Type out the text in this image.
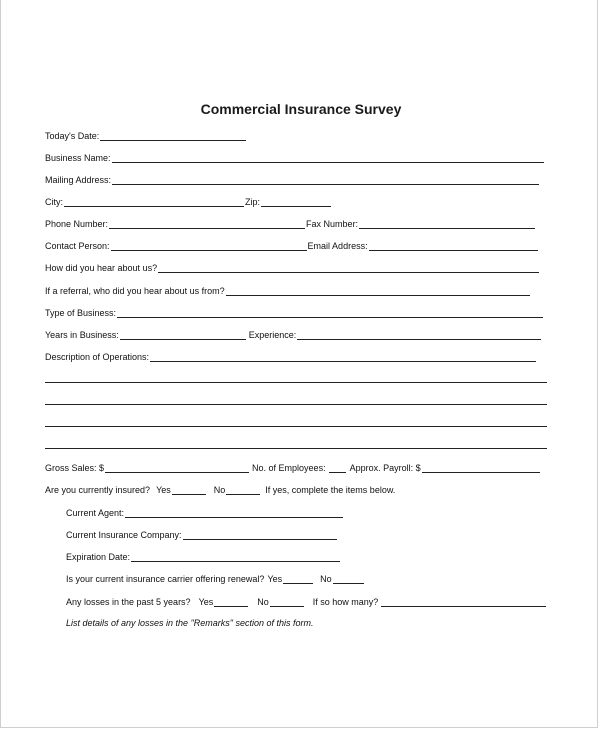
Commercial Insurance Survey
Today's Date:
Business Name:
Mailing Address:
City:	Zip:
Phone Number:	Fax Number:
Contact Person:	Email Address:
How did you hear about us?
If a referral, who did you hear about us from?
Type of Business:
Years in Business:	Experience:
Description of Operations:
Gross Sales: $	No. of Employees:	Approx. Payroll: $
Are you currently insured? Yes	No	If yes, complete the items below.
Current Agent:
Current Insurance Company:
Expiration Date:
Is your current insurance carrier offering renewal? Yes	No
Any losses in the past 5 years? Yes	No	If so how many?
List details of any losses in the "Remarks" section of this form.
